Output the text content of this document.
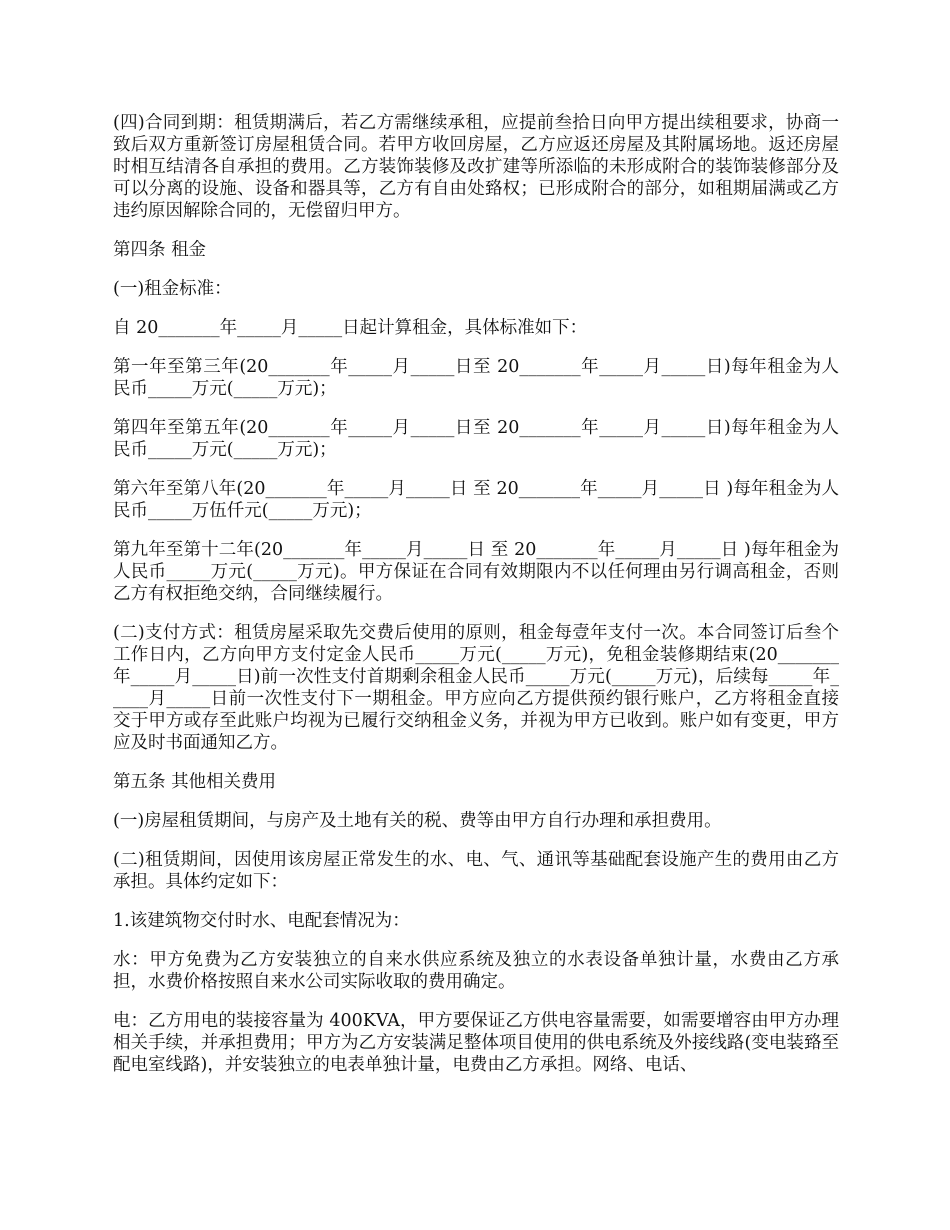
(四)合同到期：租赁期满后，若乙方需继续承租，应提前叁拾日向甲方提出续租要求，协商一致后双方重新签订房屋租赁合同。若甲方收回房屋，乙方应返还房屋及其附属场地。返还房屋时相互结清各自承担的费用。乙方装饰装修及改扩建等所添临的未形成附合的装饰装修部分及可以分离的设施、设备和器具等，乙方有自由处臵权；已形成附合的部分，如租期届满或乙方违约原因解除合同的，无偿留归甲方。

第四条 租金

(一)租金标准：

自 20_______年_____月_____日起计算租金，具体标准如下：

第一年至第三年(20_______年_____月_____日至 20_______年_____月_____日)每年租金为人民币_____万元(_____万元)；

第四年至第五年(20_______年_____月_____日至 20_______年_____月_____日)每年租金为人民币_____万元(_____万元)；

第六年至第八年(20_______年_____月_____日 至 20_______年_____月_____日 )每年租金为人民币_____万伍仟元(_____万元)；

第九年至第十二年(20_______年_____月_____日 至 20_______年_____月_____日 )每年租金为人民币_____万元(_____万元)。甲方保证在合同有效期限内不以任何理由另行调高租金，否则乙方有权拒绝交纳，合同继续履行。

(二)支付方式：租赁房屋采取先交费后使用的原则，租金每壹年支付一次。本合同签订后叁个工作日内，乙方向甲方支付定金人民币_____万元(_____万元)，免租金装修期结束(20_______年_____月_____日)前一次性支付首期剩余租金人民币_____万元(_____万元)，后续每_____年_____月_____日前一次性支付下一期租金。甲方应向乙方提供预约银行账户，乙方将租金直接交于甲方或存至此账户均视为已履行交纳租金义务，并视为甲方已收到。账户如有变更，甲方应及时书面通知乙方。

第五条 其他相关费用

(一)房屋租赁期间，与房产及土地有关的税、费等由甲方自行办理和承担费用。

(二)租赁期间，因使用该房屋正常发生的水、电、气、通讯等基础配套设施产生的费用由乙方承担。具体约定如下：

1.该建筑物交付时水、电配套情况为：

水：甲方免费为乙方安装独立的自来水供应系统及独立的水表设备单独计量，水费由乙方承担，水费价格按照自来水公司实际收取的费用确定。

电：乙方用电的装接容量为 400KVA，甲方要保证乙方供电容量需要，如需要增容由甲方办理相关手续，并承担费用；甲方为乙方安装满足整体项目使用的供电系统及外接线路(变电装臵至配电室线路)，并安装独立的电表单独计量，电费由乙方承担。网络、电话、
